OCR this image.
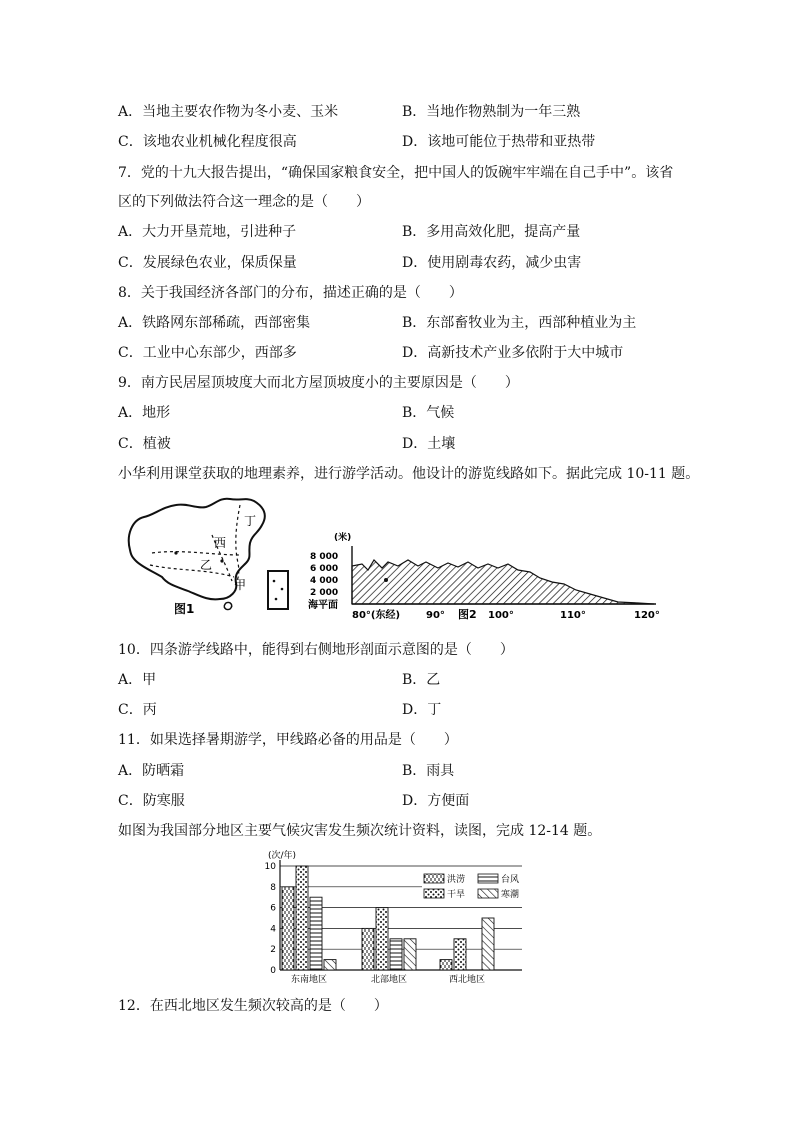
A．当地主要农作物为冬小麦、玉米	B．当地作物熟制为一年三熟
C．该地农业机械化程度很高	D．该地可能位于热带和亚热带
7．党的十九大报告提出，“确保国家粮食安全，把中国人的饭碗牢牢端在自己手中”。该省
区的下列做法符合这一理念的是（　　）
A．大力开垦荒地，引进种子	B．多用高效化肥，提高产量
C．发展绿色农业，保质保量	D．使用剧毒农药，减少虫害
8．关于我国经济各部门的分布，描述正确的是（　　）
A．铁路网东部稀疏，西部密集	B．东部畜牧业为主，西部种植业为主
C．工业中心东部少，西部多	D．高新技术产业多依附于大中城市
9．南方民居屋顶坡度大而北方屋顶坡度小的主要原因是（　　）
A．地形	B．气候
C．植被	D．土壤
小华利用课堂获取的地理素养，进行游学活动。他设计的游览线路如下。据此完成 10-11 题。
丁
西
乙
甲
图1
(米)
8 000
6 000
4 000
2 000
海平面
80°(东经)	90° 图2 100°	110°	120°
10．四条游学线路中，能得到右侧地形剖面示意图的是（　　）
A．甲	B．乙
C．丙	D．丁
11．如果选择暑期游学，甲线路必备的用品是（　　）
A．防晒霜	B．雨具
C．防寒服	D．方便面
如图为我国部分地区主要气候灾害发生频次统计资料，读图，完成 12-14 题。
(次/年)
0
2
4
6
8
10
东南地区	北部地区	西北地区
洪涝
干旱
台风
寒潮
12．在西北地区发生频次较高的是（　　）
